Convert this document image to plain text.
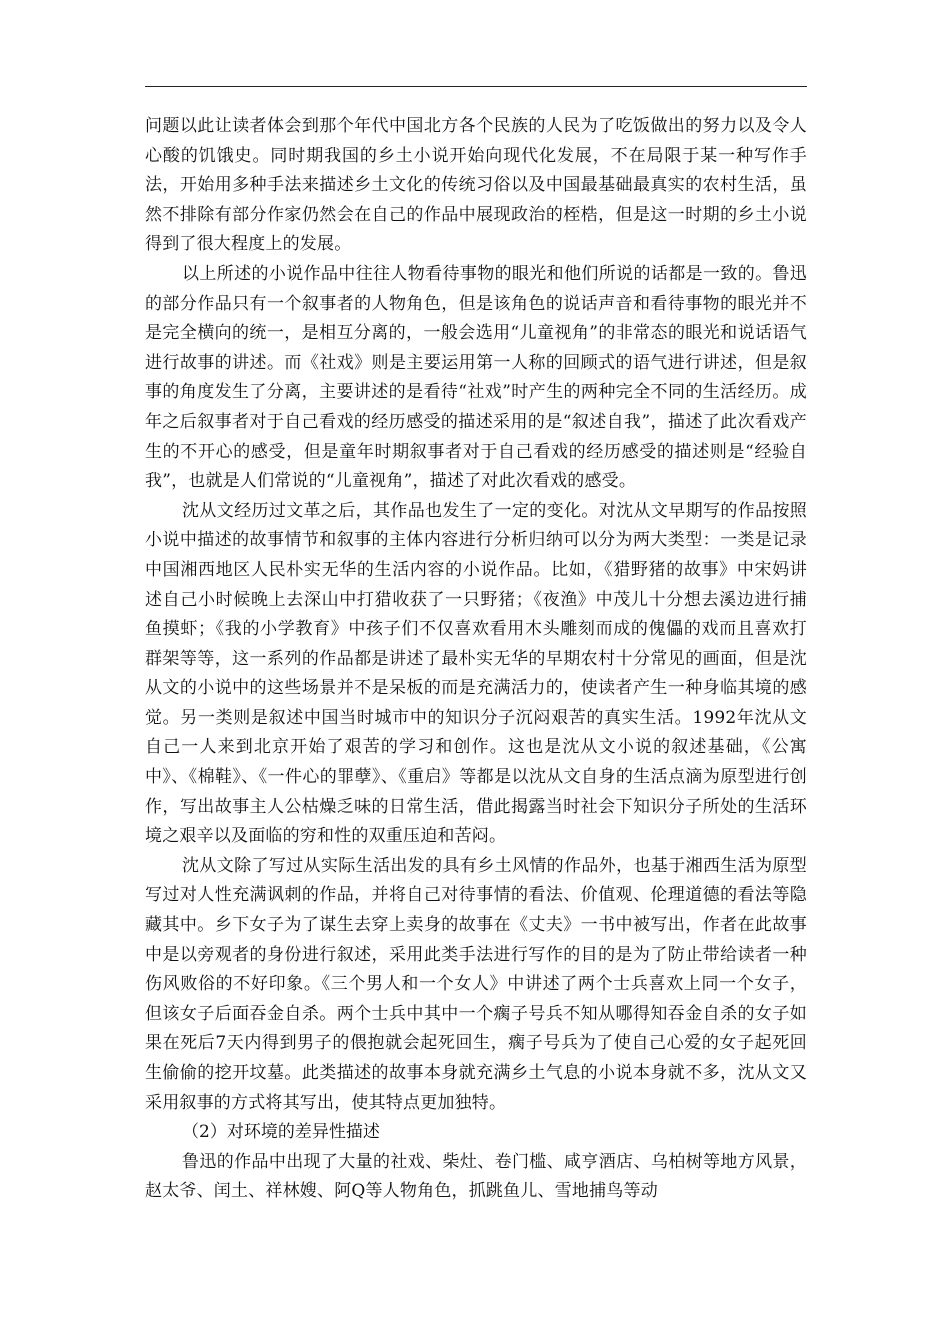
问题以此让读者体会到那个年代中国北方各个民族的人民为了吃饭做出的努力以及令人心酸的饥饿史。同时期我国的乡土小说开始向现代化发展，不在局限于某一种写作手法，开始用多种手法来描述乡土文化的传统习俗以及中国最基础最真实的农村生活，虽然不排除有部分作家仍然会在自己的作品中展现政治的桎梏，但是这一时期的乡土小说得到了很大程度上的发展。

以上所述的小说作品中往往人物看待事物的眼光和他们所说的话都是一致的。鲁迅的部分作品只有一个叙事者的人物角色，但是该角色的说话声音和看待事物的眼光并不是完全横向的统一，是相互分离的，一般会选用“儿童视角”的非常态的眼光和说话语气进行故事的讲述。而《社戏》则是主要运用第一人称的回顾式的语气进行讲述，但是叙事的角度发生了分离，主要讲述的是看待“社戏”时产生的两种完全不同的生活经历。成年之后叙事者对于自己看戏的经历感受的描述采用的是“叙述自我”，描述了此次看戏产生的不开心的感受，但是童年时期叙事者对于自己看戏的经历感受的描述则是“经验自我”，也就是人们常说的“儿童视角”，描述了对此次看戏的感受。

沈从文经历过文革之后，其作品也发生了一定的变化。对沈从文早期写的作品按照小说中描述的故事情节和叙事的主体内容进行分析归纳可以分为两大类型：一类是记录中国湘西地区人民朴实无华的生活内容的小说作品。比如，《猎野猪的故事》中宋妈讲述自己小时候晚上去深山中打猎收获了一只野猪；《夜渔》中茂儿十分想去溪边进行捕鱼摸虾；《我的小学教育》中孩子们不仅喜欢看用木头雕刻而成的傀儡的戏而且喜欢打群架等等，这一系列的作品都是讲述了最朴实无华的早期农村十分常见的画面，但是沈从文的小说中的这些场景并不是呆板的而是充满活力的，使读者产生一种身临其境的感觉。另一类则是叙述中国当时城市中的知识分子沉闷艰苦的真实生活。1992年沈从文自己一人来到北京开始了艰苦的学习和创作。这也是沈从文小说的叙述基础，《公寓中》、《棉鞋》、《一件心的罪孽》、《重启》等都是以沈从文自身的生活点滴为原型进行创作，写出故事主人公枯燥乏味的日常生活，借此揭露当时社会下知识分子所处的生活环境之艰辛以及面临的穷和性的双重压迫和苦闷。

沈从文除了写过从实际生活出发的具有乡土风情的作品外，也基于湘西生活为原型写过对人性充满讽刺的作品，并将自己对待事情的看法、价值观、伦理道德的看法等隐藏其中。乡下女子为了谋生去穿上卖身的故事在《丈夫》一书中被写出，作者在此故事中是以旁观者的身份进行叙述，采用此类手法进行写作的目的是为了防止带给读者一种伤风败俗的不好印象。《三个男人和一个女人》中讲述了两个士兵喜欢上同一个女子，但该女子后面吞金自杀。两个士兵中其中一个瘸子号兵不知从哪得知吞金自杀的女子如果在死后7天内得到男子的偎抱就会起死回生，瘸子号兵为了使自己心爱的女子起死回生偷偷的挖开坟墓。此类描述的故事本身就充满乡土气息的小说本身就不多，沈从文又采用叙事的方式将其写出，使其特点更加独特。

（2）对环境的差异性描述

鲁迅的作品中出现了大量的社戏、柴灶、卷门槛、咸亨酒店、乌柏树等地方风景，赵太爷、闰土、祥林嫂、阿Q等人物角色，抓跳鱼儿、雪地捕鸟等动
